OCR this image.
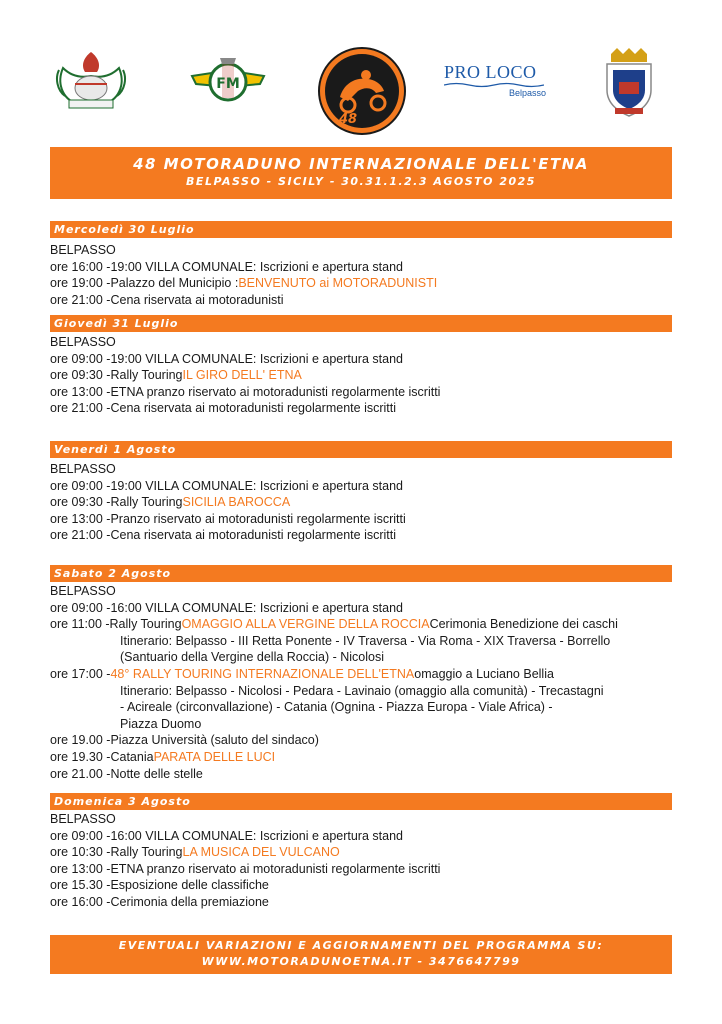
FM
48
PRO LOCO
Belpasso
48 MOTORADUNO INTERNAZIONALE DELL'ETNA
BELPASSO - SICILY - 30.31.1.2.3 AGOSTO 2025
Mercoledì 30 Luglio
BELPASSO
ore 16:00 - 19:00 VILLA COMUNALE: Iscrizioni e apertura stand
ore 19:00 - Palazzo del Municipio : BENVENUTO ai MOTORADUNISTI
ore 21:00 - Cena riservata ai motoradunisti
Giovedì 31 Luglio
BELPASSO
ore 09:00 - 19:00 VILLA COMUNALE: Iscrizioni e apertura stand
ore 09:30 - Rally Touring IL GIRO DELL' ETNA
ore 13:00 - ETNA pranzo riservato ai motoradunisti regolarmente iscritti
ore 21:00 - Cena riservata ai motoradunisti regolarmente iscritti
Venerdì 1 Agosto
BELPASSO
ore 09:00 - 19:00 VILLA COMUNALE: Iscrizioni e apertura stand
ore 09:30 - Rally Touring SICILIA BAROCCA
ore 13:00 - Pranzo riservato ai motoradunisti regolarmente iscritti
ore 21:00 - Cena riservata ai motoradunisti regolarmente iscritti
Sabato 2 Agosto
BELPASSO
ore 09:00 - 16:00 VILLA COMUNALE: Iscrizioni e apertura stand
ore 11:00 - Rally Touring OMAGGIO ALLA VERGINE DELLA ROCCIA Cerimonia Benedizione dei caschi
Itinerario: Belpasso - III Retta Ponente - IV Traversa - Via Roma - XIX Traversa - Borrello
(Santuario della Vergine della Roccia) - Nicolosi
ore 17:00 - 48° RALLY TOURING INTERNAZIONALE DELL'ETNA omaggio a Luciano Bellia
Itinerario: Belpasso - Nicolosi - Pedara - Lavinaio (omaggio alla comunità) - Trecastagni
- Acireale (circonvallazione) - Catania (Ognina - Piazza Europa - Viale Africa) -
Piazza Duomo
ore 19.00 - Piazza Università (saluto del sindaco)
ore 19.30 - Catania PARATA DELLE LUCI
ore 21.00 - Notte delle stelle
Domenica 3 Agosto
BELPASSO
ore 09:00 - 16:00 VILLA COMUNALE: Iscrizioni e apertura stand
ore 10:30 - Rally Touring LA MUSICA DEL VULCANO
ore 13:00 - ETNA pranzo riservato ai motoradunisti regolarmente iscritti
ore 15.30 - Esposizione delle classifiche
ore 16:00 - Cerimonia della premiazione
EVENTUALI VARIAZIONI E AGGIORNAMENTI DEL PROGRAMMA SU:
WWW.MOTORADUNOETNA.IT - 3476647799
